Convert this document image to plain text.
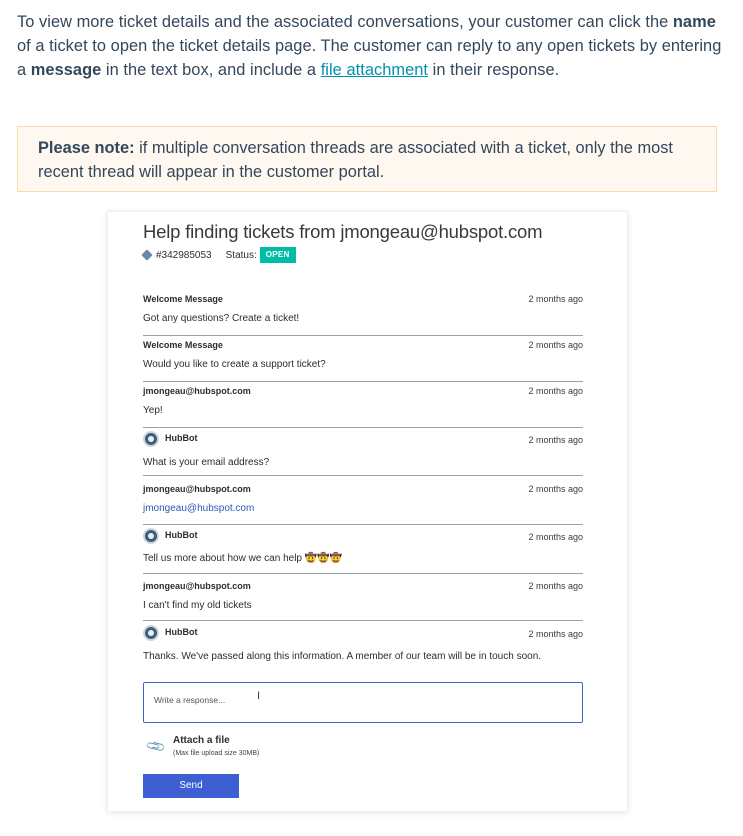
To view more ticket details and the associated conversations, your customer can click the name of a ticket to open the ticket details page. The customer can reply to any open tickets by entering a message in the text box, and include a file attachment in their response.
Please note: if multiple conversation threads are associated with a ticket, only the most recent thread will appear in the customer portal.
Help finding tickets from jmongeau@hubspot.com
#342985053 Status:	OPEN
Welcome Message	2 months ago
Got any questions? Create a ticket!
Welcome Message	2 months ago
Would you like to create a support ticket?
jmongeau@hubspot.com	2 months ago
Yep!
HubBot	2 months ago
What is your email address?
jmongeau@hubspot.com	2 months ago
jmongeau@hubspot.com
HubBot	2 months ago
Tell us more about how we can help 🤠🤠🤠
jmongeau@hubspot.com	2 months ago
I can't find my old tickets
HubBot	2 months ago
Thanks. We've passed along this information. A member of our team will be in touch soon.
Write a response...	I
📎 Attach a file
(Max file upload size 30MB)
Send
